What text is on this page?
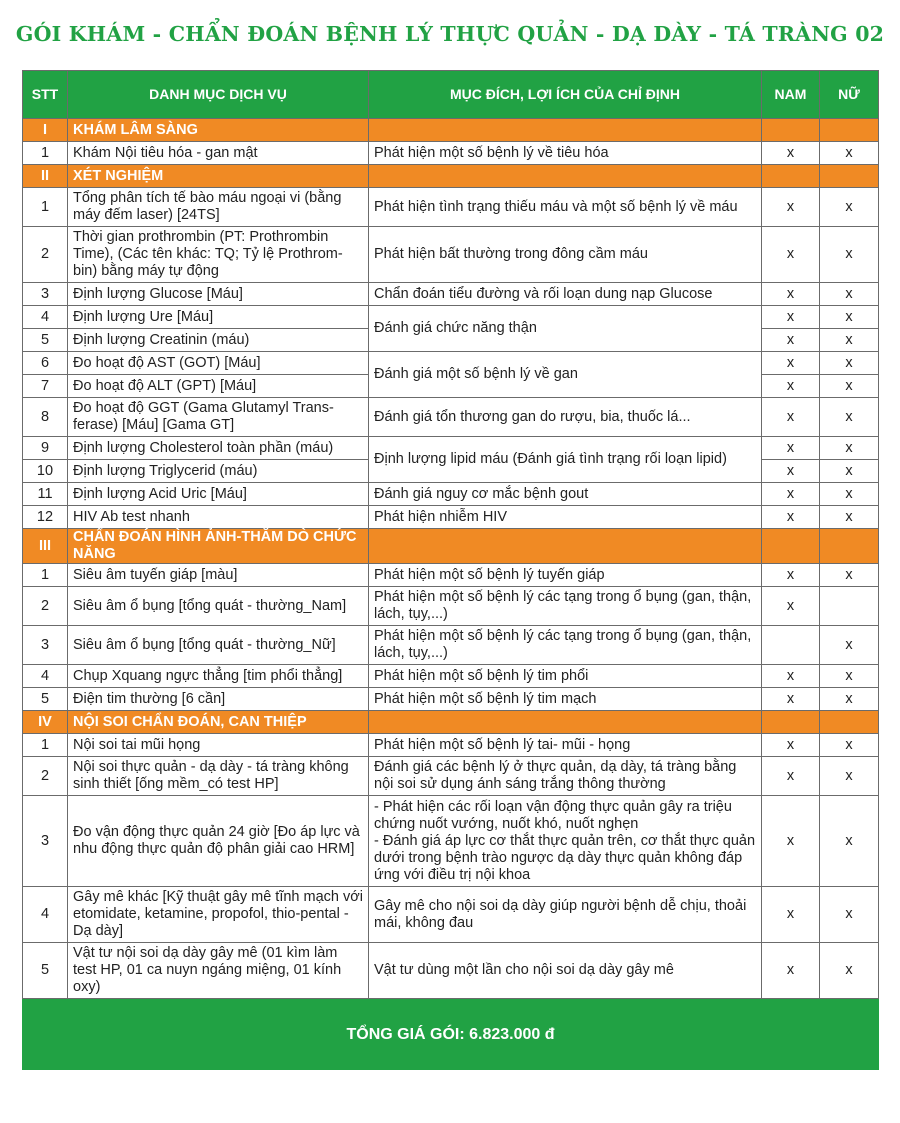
GÓI KHÁM - CHẨN ĐOÁN BỆNH LÝ THỰC QUẢN - DẠ DÀY - TÁ TRÀNG 02
STT	DANH MỤC DỊCH VỤ	MỤC ĐÍCH, LỢI ÍCH CỦA CHỈ ĐỊNH	NAM	NỮ
I	KHÁM LÂM SÀNG			
1	Khám Nội tiêu hóa - gan mật	Phát hiện một số bệnh lý về tiêu hóa	x	x
II	XÉT NGHIỆM			
1	Tổng phân tích tế bào máu ngoại vi (bằng máy đếm laser) [24TS]	Phát hiện tình trạng thiếu máu và một số bệnh lý về máu	x	x
2	Thời gian prothrombin (PT: Prothrombin Time), (Các tên khác: TQ; Tỷ lệ Prothrom-bin) bằng máy tự động	Phát hiện bất thường trong đông cầm máu	x	x
3	Định lượng Glucose [Máu]	Chẩn đoán tiểu đường và rối loạn dung nạp Glucose	x	x
4	Định lượng Ure [Máu]	Đánh giá chức năng thận	x	x
5	Định lượng Creatinin (máu)		x	x
6	Đo hoạt độ AST (GOT) [Máu]	Đánh giá một số bệnh lý về gan	x	x
7	Đo hoạt độ ALT (GPT) [Máu]		x	x
8	Đo hoạt độ GGT (Gama Glutamyl Trans-ferase) [Máu] [Gama GT]	Đánh giá tổn thương gan do rượu, bia, thuốc lá...	x	x
9	Định lượng Cholesterol toàn phần (máu)	Định lượng lipid máu (Đánh giá tình trạng rối loạn lipid)	x	x
10	Định lượng Triglycerid (máu)		x	x
11	Định lượng Acid Uric [Máu]	Đánh giá nguy cơ mắc bệnh gout	x	x
12	HIV Ab test nhanh	Phát hiện nhiễm HIV	x	x
III	CHẨN ĐOÁN HÌNH ẢNH-THĂM DÒ CHỨC NĂNG			
1	Siêu âm tuyến giáp [màu]	Phát hiện một số bệnh lý tuyến giáp	x	x
2	Siêu âm ổ bụng [tổng quát - thường_Nam]	Phát hiện một số bệnh lý các tạng trong ổ bụng (gan, thận, lách, tụy,...)	x	
3	Siêu âm ổ bụng [tổng quát - thường_Nữ]	Phát hiện một số bệnh lý các tạng trong ổ bụng (gan, thận, lách, tụy,...)		x
4	Chụp Xquang ngực thẳng [tim phổi thẳng]	Phát hiện một số bệnh lý tim phổi	x	x
5	Điện tim thường [6 cần]	Phát hiện một số bệnh lý tim mạch	x	x
IV	NỘI SOI CHẨN ĐOÁN, CAN THIỆP			
1	Nội soi tai mũi họng	Phát hiện một số bệnh lý tai- mũi - họng	x	x
2	Nội soi thực quản - dạ dày - tá tràng không sinh thiết [ống mềm_có test HP]	Đánh giá các bệnh lý ở thực quản, dạ dày, tá tràng bằng nội soi sử dụng ánh sáng trắng thông thường	x	x
3	Đo vận động thực quản 24 giờ [Đo áp lực và nhu động thực quản độ phân giải cao HRM]	- Phát hiện các rối loạn vận động thực quản gây ra triệu chứng nuốt vướng, nuốt khó, nuốt nghẹn
- Đánh giá áp lực cơ thắt thực quản trên, cơ thắt thực quản dưới trong bệnh trào ngược dạ dày thực quản không đáp ứng với điều trị nội khoa	x	x
4	Gây mê khác [Kỹ thuật gây mê tĩnh mạch với etomidate, ketamine, propofol, thio-pental - Dạ dày]	Gây mê cho nội soi dạ dày giúp người bệnh dễ chịu, thoải mái, không đau	x	x
5	Vật tư nội soi dạ dày gây mê (01 kìm làm test HP, 01 ca nuyn ngáng miệng, 01 kính oxy)	Vật tư dùng một lần cho nội soi dạ dày gây mê	x	x
TỔNG GIÁ GÓI: 6.823.000 đ				
